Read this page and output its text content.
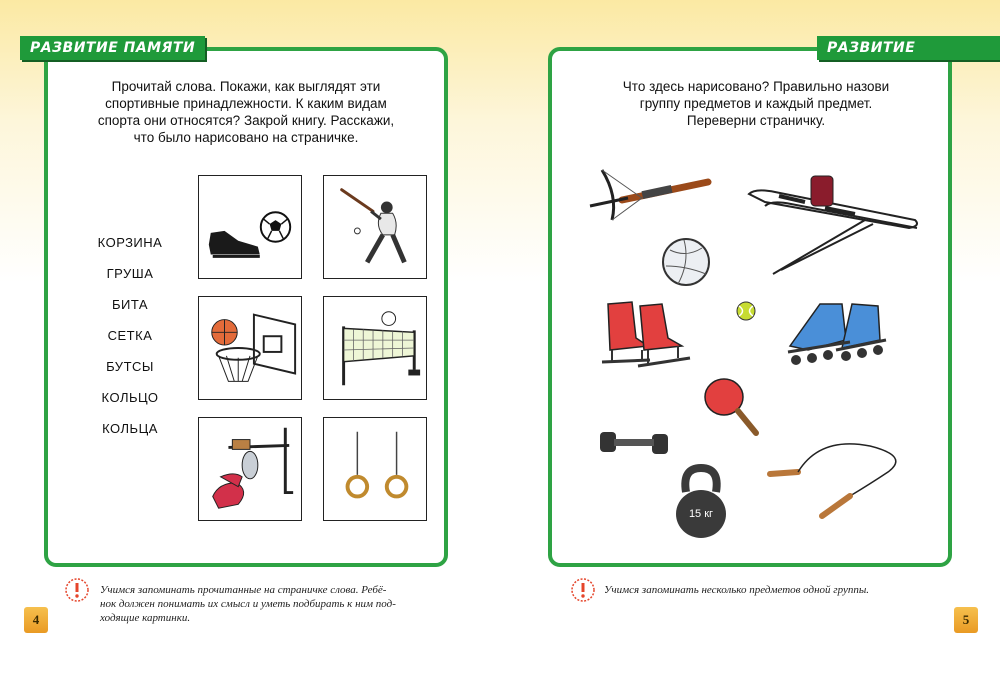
РАЗВИТИЕ ПАМЯТИ

Прочитай слова. Покажи, как выглядят эти
спортивные принадлежности. К каким видам
спорта они относятся? Закрой книгу. Расскажи,
что было нарисовано на страничке.

КОРЗИНА
ГРУША
БИТА
СЕТКА
БУТСЫ
КОЛЬЦО
КОЛЬЦА
Учимся запоминать прочитанные на страничке слова. Ребё-
нок должен понимать их смысл и уметь подбирать к ним под-
ходящие картинки.
4
РАЗВИТИЕ ПАМЯТИ

Что здесь нарисовано? Правильно назови
группу предметов и каждый предмет.
Переверни страничку.

15 кг
Учимся запоминать несколько предметов одной группы.
5
